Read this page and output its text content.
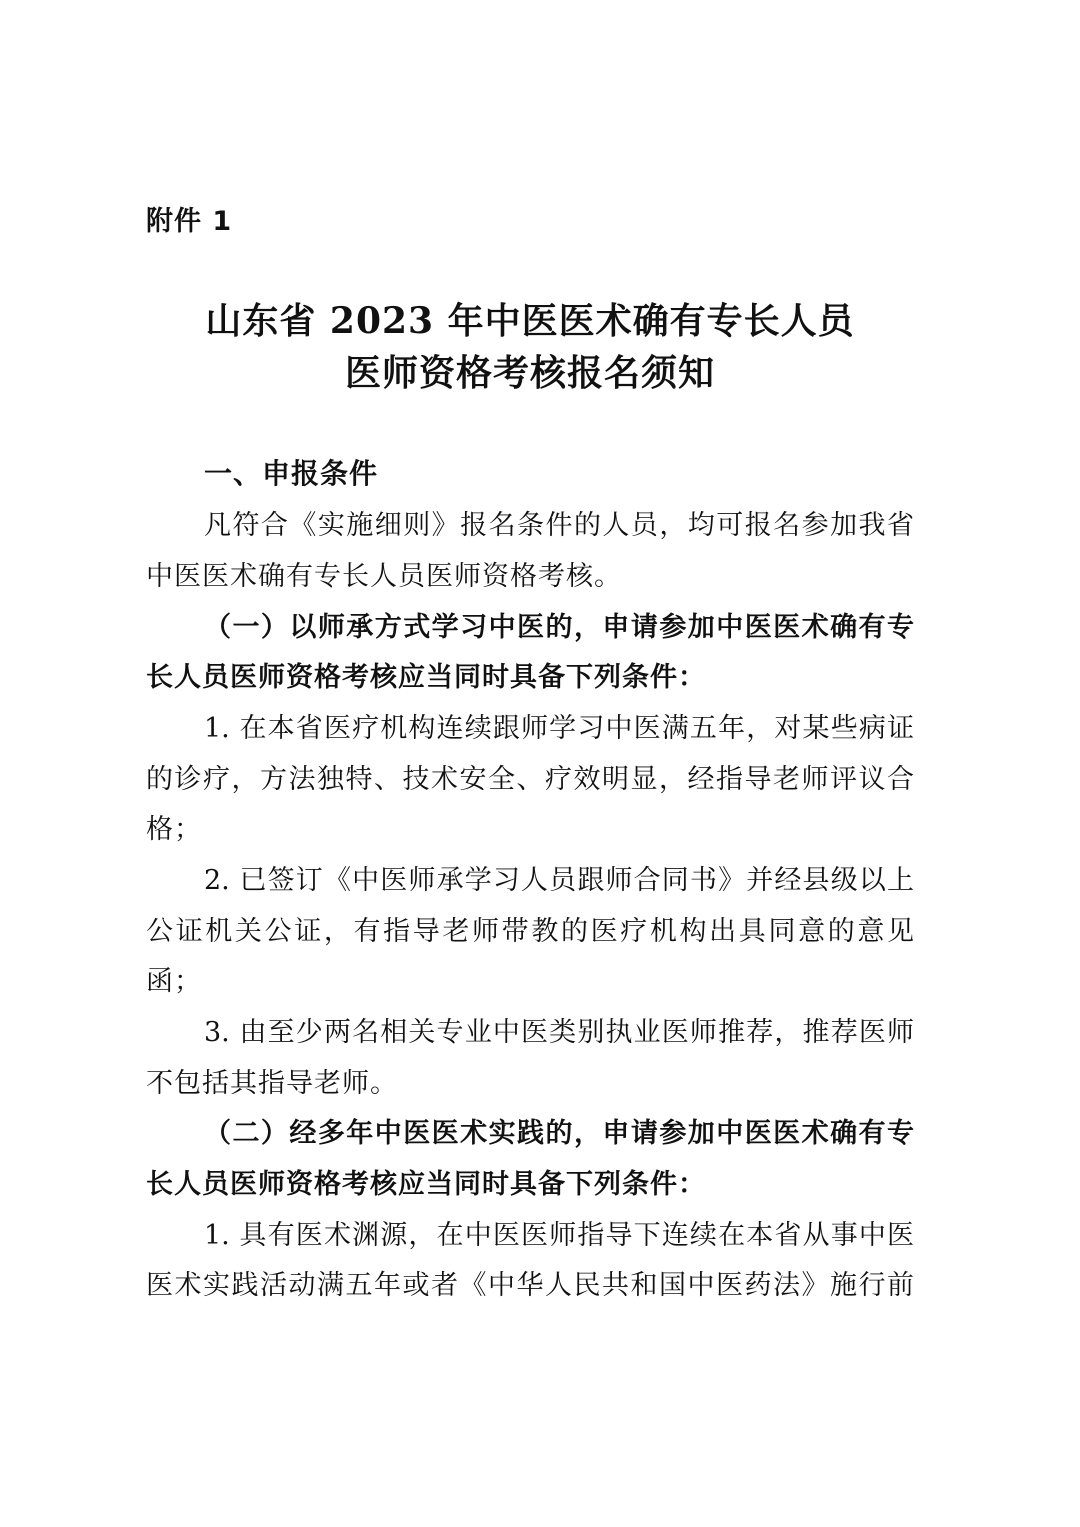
附件 1
山东省 2023 年中医医术确有专长人员
医师资格考核报名须知
一、申报条件
凡符合《实施细则》报名条件的人员，均可报名参加我省
中医医术确有专长人员医师资格考核。
（一）以师承方式学习中医的，申请参加中医医术确有专
长人员医师资格考核应当同时具备下列条件：
1. 在本省医疗机构连续跟师学习中医满五年，对某些病证
的诊疗，方法独特、技术安全、疗效明显，经指导老师评议合
格；
2. 已签订《中医师承学习人员跟师合同书》并经县级以上
公证机关公证，有指导老师带教的医疗机构出具同意的意见
函；
3. 由至少两名相关专业中医类别执业医师推荐，推荐医师
不包括其指导老师。
（二）经多年中医医术实践的，申请参加中医医术确有专
长人员医师资格考核应当同时具备下列条件：
1. 具有医术渊源，在中医医师指导下连续在本省从事中医
医术实践活动满五年或者《中华人民共和国中医药法》施行前
